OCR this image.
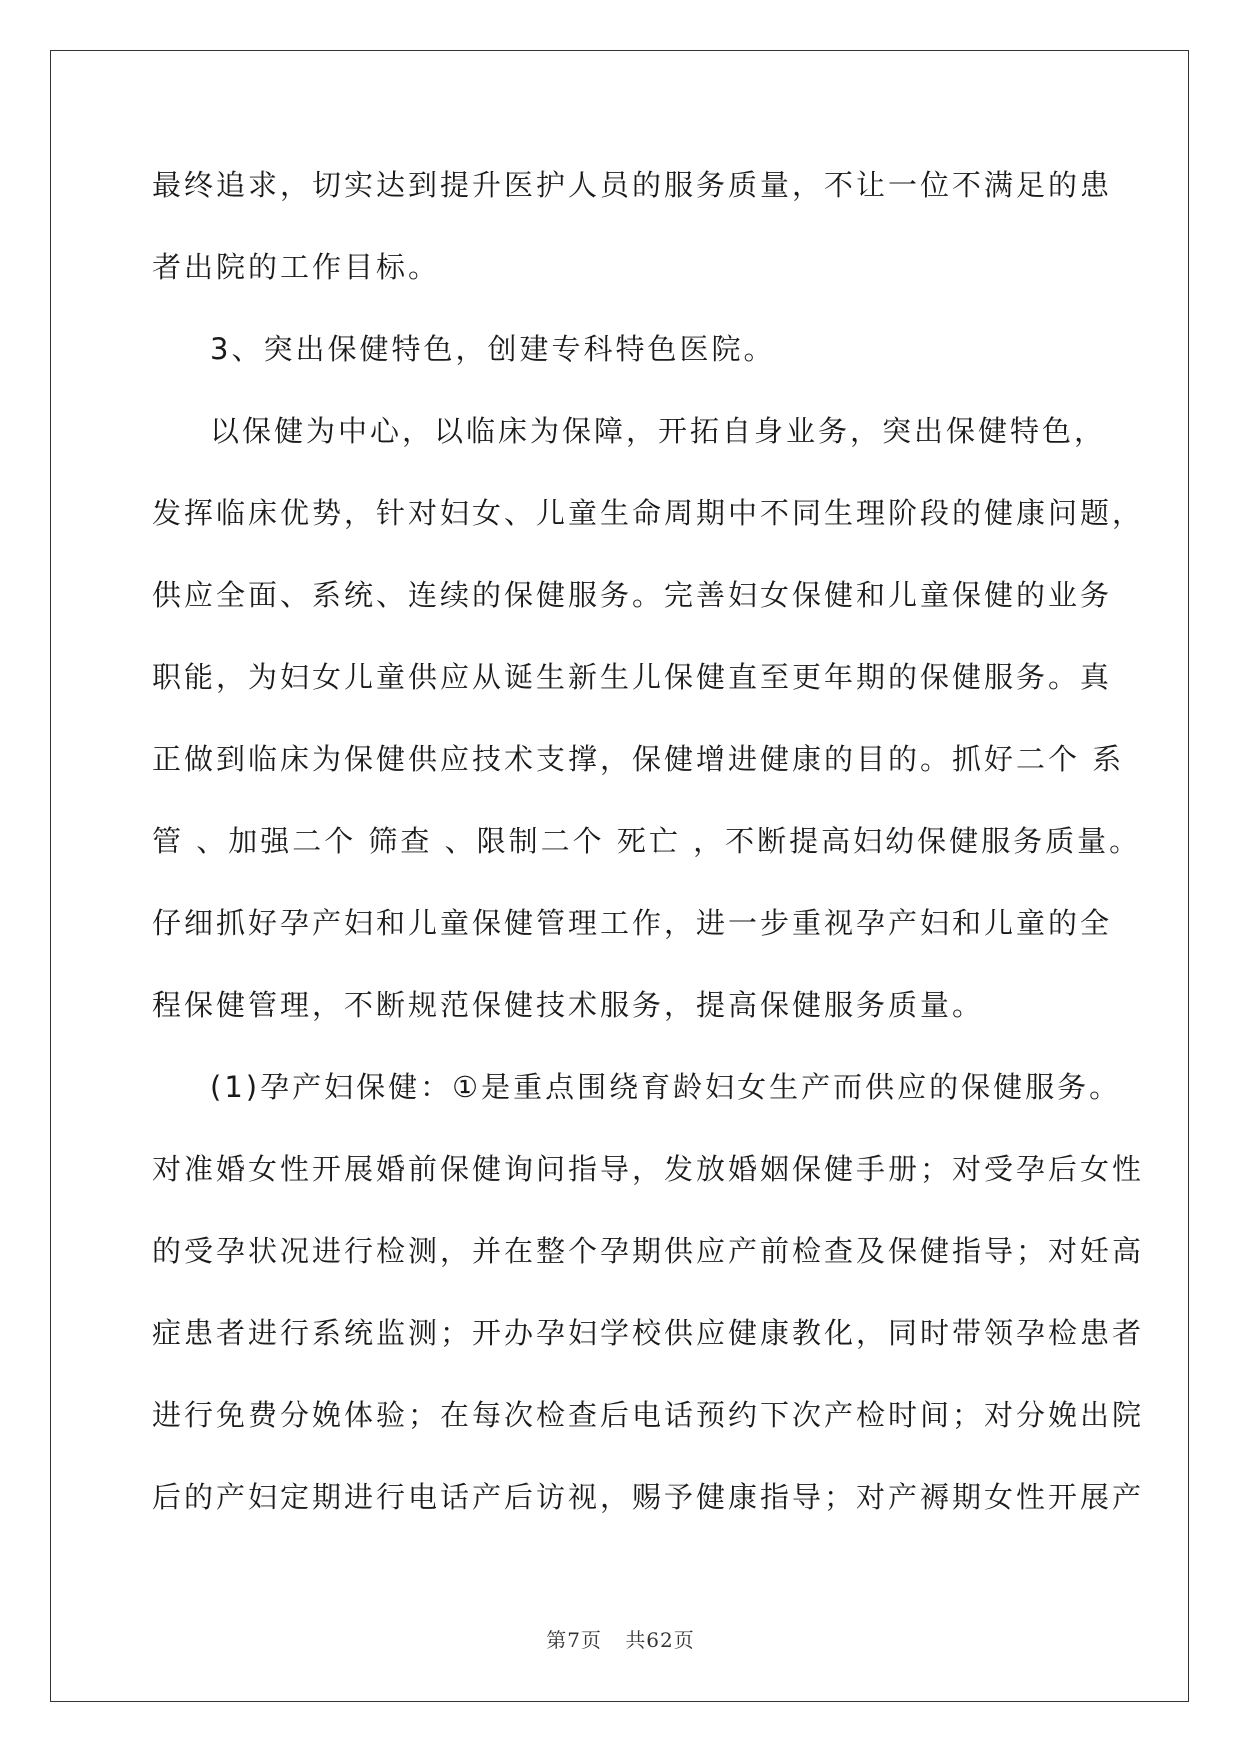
最终追求，切实达到提升医护人员的服务质量，不让一位不满足的患
者出院的工作目标。
3、突出保健特色，创建专科特色医院。
以保健为中心，以临床为保障，开拓自身业务，突出保健特色，
发挥临床优势，针对妇女、儿童生命周期中不同生理阶段的健康问题，
供应全面、系统、连续的保健服务。完善妇女保健和儿童保健的业务
职能，为妇女儿童供应从诞生新生儿保健直至更年期的保健服务。真
正做到临床为保健供应技术支撑，保健增进健康的目的。抓好二个 系
管 、加强二个 筛查 、限制二个 死亡 ，不断提高妇幼保健服务质量。
仔细抓好孕产妇和儿童保健管理工作，进一步重视孕产妇和儿童的全
程保健管理，不断规范保健技术服务，提高保健服务质量。
(1)孕产妇保健：①是重点围绕育龄妇女生产而供应的保健服务。
对准婚女性开展婚前保健询问指导，发放婚姻保健手册；对受孕后女性
的受孕状况进行检测，并在整个孕期供应产前检查及保健指导；对妊高
症患者进行系统监测；开办孕妇学校供应健康教化，同时带领孕检患者
进行免费分娩体验；在每次检查后电话预约下次产检时间；对分娩出院
后的产妇定期进行电话产后访视，赐予健康指导；对产褥期女性开展产
第7页 共62页
